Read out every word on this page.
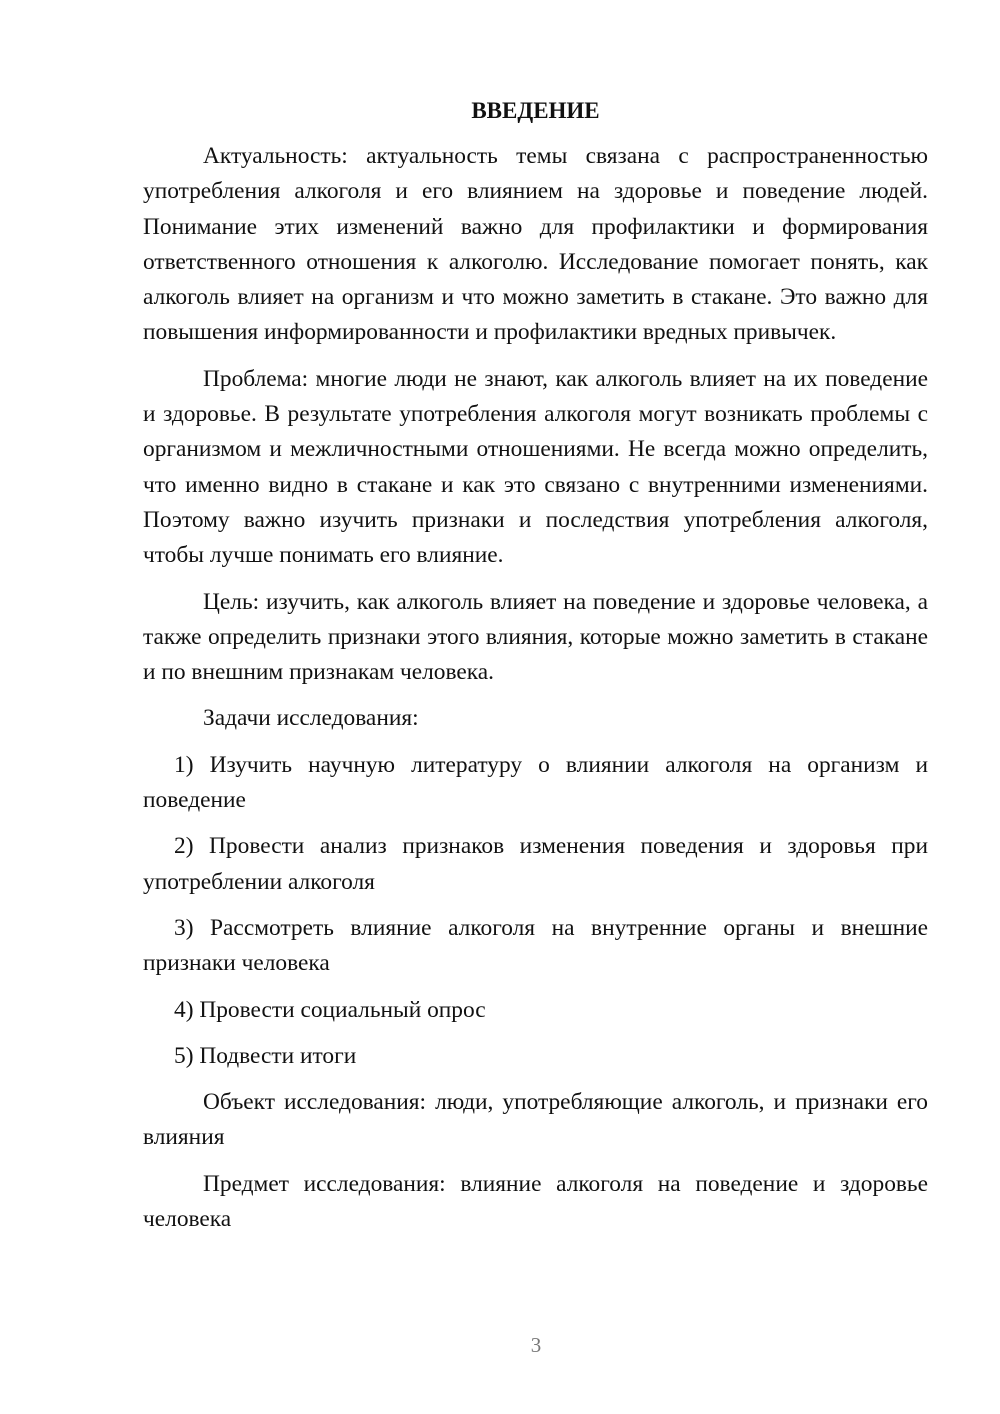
ВВЕДЕНИЕ

Актуальность: актуальность темы связана с распространенностью употребления алкоголя и его влиянием на здоровье и поведение людей. Понимание этих изменений важно для профилактики и формирования ответственного отношения к алкоголю. Исследование помогает понять, как алкоголь влияет на организм и что можно заметить в стакане. Это важно для повышения информированности и профилактики вредных привычек.

Проблема: многие люди не знают, как алкоголь влияет на их поведение и здоровье. В результате употребления алкоголя могут возникать проблемы с организмом и межличностными отношениями. Не всегда можно определить, что именно видно в стакане и как это связано с внутренними изменениями. Поэтому важно изучить признаки и последствия употребления алкоголя, чтобы лучше понимать его влияние.

Цель: изучить, как алкоголь влияет на поведение и здоровье человека, а также определить признаки этого влияния, которые можно заметить в стакане и по внешним признакам человека.

Задачи исследования:

1) Изучить научную литературу о влиянии алкоголя на организм и поведение

2) Провести анализ признаков изменения поведения и здоровья при употреблении алкоголя

3) Рассмотреть влияние алкоголя на внутренние органы и внешние признаки человека

4) Провести социальный опрос

5) Подвести итоги

Объект исследования: люди, употребляющие алкоголь, и признаки его влияния

Предмет исследования: влияние алкоголя на поведение и здоровье человека

3
